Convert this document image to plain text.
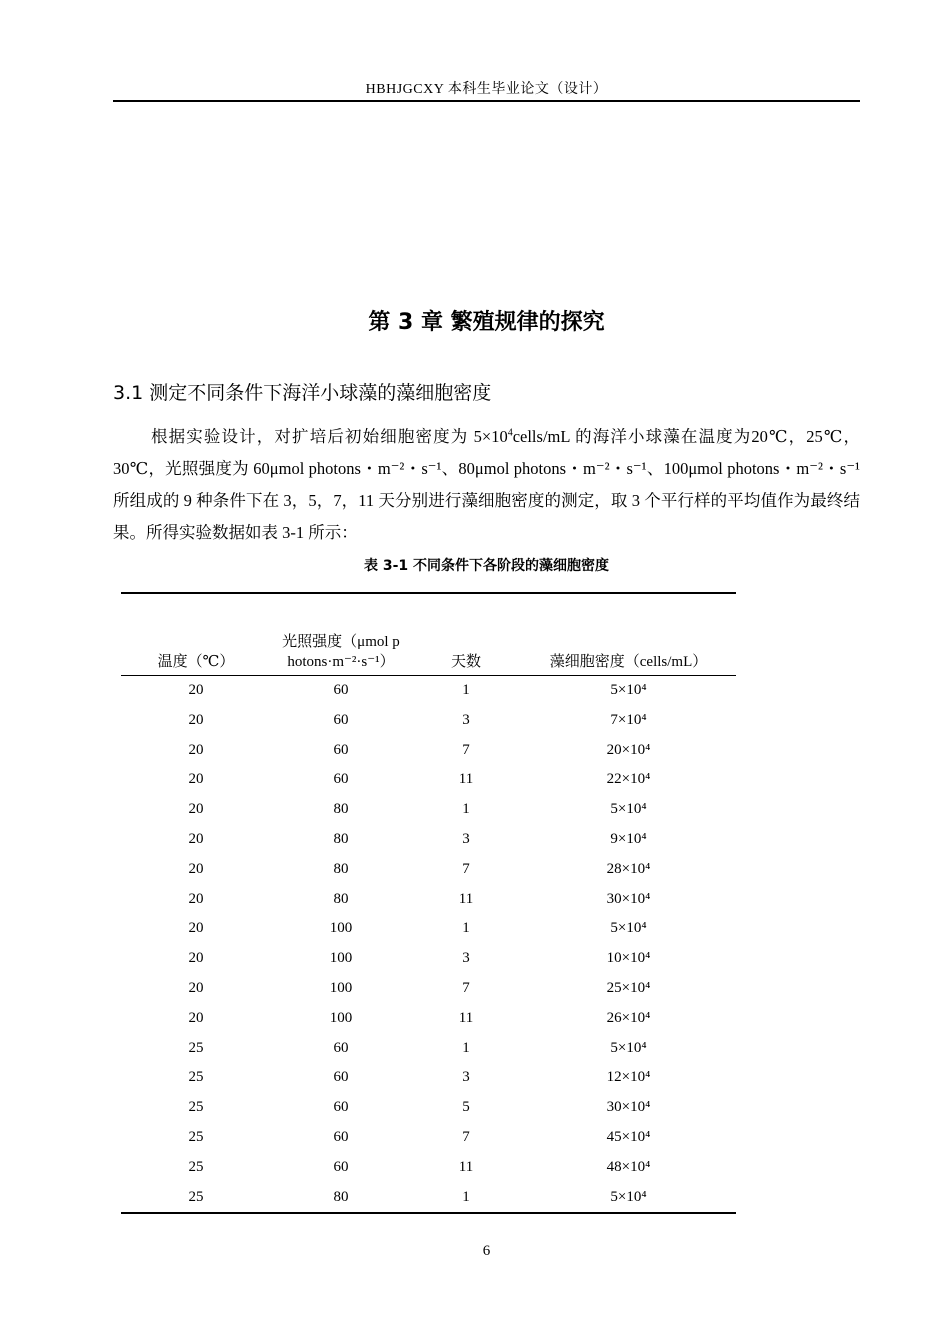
HBHJGCXY 本科生毕业论文（设计）
第 3 章 繁殖规律的探究
3.1 测定不同条件下海洋小球藻的藻细胞密度

根据实验设计，对扩培后初始细胞密度为 $5\times 10^4cells/mL$ 的海洋小球藻在温度为20℃，25℃，30℃，光照强度为 60μmol photons・m⁻²・s⁻¹、80μmol photons・m⁻²・s⁻¹、100μmol photons・m⁻²・s⁻¹ 所组成的 9 种条件下在 3，5，7，11 天分别进行藻细胞密度的测定，取 3 个平行样的平均值作为最终结果。所得实验数据如表 3-1 所示：

表 3-1 不同条件下各阶段的藻细胞密度
温度（℃）	光照强度（μmol photons·m⁻²·s⁻¹）	天数	藻细胞密度（cells/mL）
20	60	1	5×10⁴
20	60	3	7×10⁴
20	60	7	20×10⁴
20	60	11	22×10⁴
20	80	1	5×10⁴
20	80	3	9×10⁴
20	80	7	28×10⁴
20	80	11	30×10⁴
20	100	1	5×10⁴
20	100	3	10×10⁴
20	100	7	25×10⁴
20	100	11	26×10⁴
25	60	1	5×10⁴
25	60	3	12×10⁴
25	60	5	30×10⁴
25	60	7	45×10⁴
25	60	11	48×10⁴
25	80	1	5×10⁴
6
